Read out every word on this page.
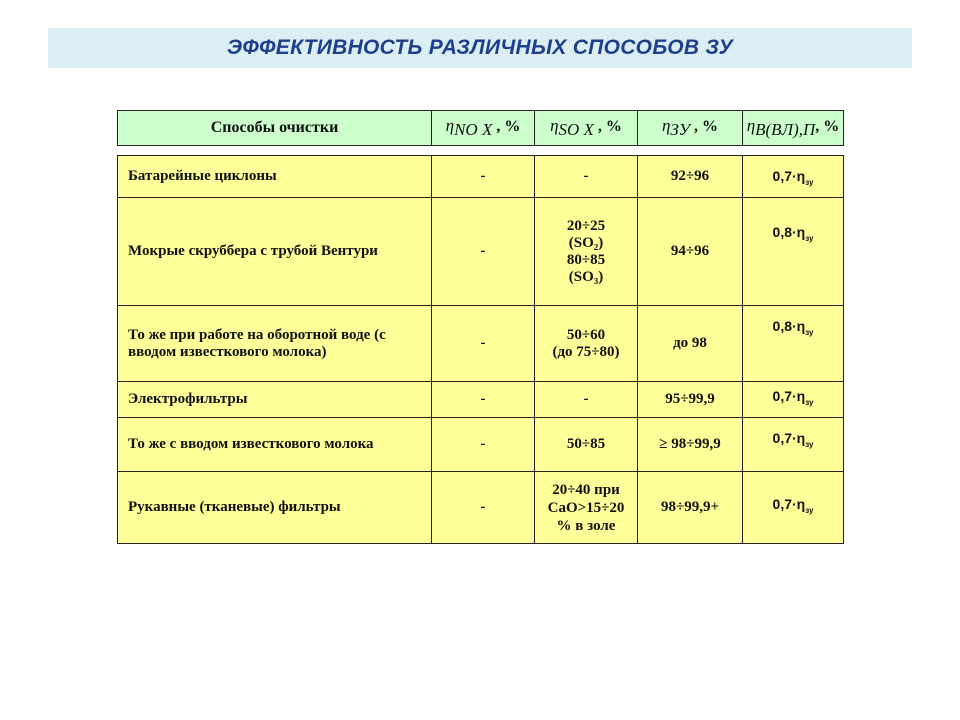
ЭФФЕКТИВНОСТЬ РАЗЛИЧНЫХ СПОСОБОВ ЗУ
Способы очистки	$\eta_{NO X}$ , %	$\eta_{SO X}$ , %	$\eta_{ЗУ}$ , %	$\eta_{В(ВЛ),П}$, %
Батарейные циклоны	-	-	92÷96	$0,7\cdot\eta_{зу}$
Мокрые скруббера с трубой Вентури	-	20÷25
(SO₂)
80÷85
(SO₃)	94÷96	$0,8\cdot\eta_{зу}$
То же при работе на оборотной воде (с вводом известкового молока)	-	50÷60
(до 75÷80)	до 98	$0,8\cdot\eta_{зу}$
Электрофильтры	-	-	95÷99,9	$0,7\cdot\eta_{зу}$
То же с вводом известкового молока	-	50÷85	≥ 98÷99,9	$0,7\cdot\eta_{зу}$
Рукавные (тканевые) фильтры	-	20÷40 при
CaO>15÷20
% в золе	98÷99,9+	$0,7\cdot\eta_{зу}$
